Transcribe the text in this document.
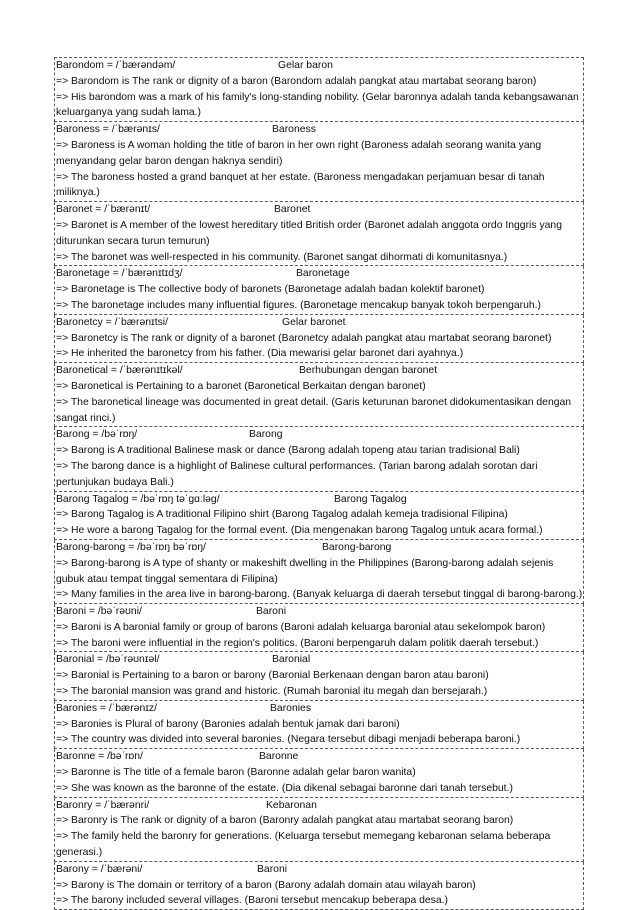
Barondom = /ˈbærəndəm/	Gelar baron
=> Barondom is The rank or dignity of a baron (Barondom adalah pangkat atau martabat seorang baron)
=> His barondom was a mark of his family's long-standing nobility. (Gelar baronnya adalah tanda kebangsawanan keluarganya yang sudah lama.)
Baroness = /ˈbærənɪs/	Baroness
=> Baroness is A woman holding the title of baron in her own right (Baroness adalah seorang wanita yang menyandang gelar baron dengan haknya sendiri)
=> The baroness hosted a grand banquet at her estate. (Baroness mengadakan perjamuan besar di tanah miliknya.)
Baronet = /ˈbærənɪt/	Baronet
=> Baronet is A member of the lowest hereditary titled British order (Baronet adalah anggota ordo Inggris yang diturunkan secara turun temurun)
=> The baronet was well-respected in his community. (Baronet sangat dihormati di komunitasnya.)
Baronetage = /ˈbærənɪtɪdʒ/	Baronetage
=> Baronetage is The collective body of baronets (Baronetage adalah badan kolektif baronet)
=> The baronetage includes many influential figures. (Baronetage mencakup banyak tokoh berpengaruh.)
Baronetcy = /ˈbærənɪtsi/	Gelar baronet
=> Baronetcy is The rank or dignity of a baronet (Baronetcy adalah pangkat atau martabat seorang baronet)
=> He inherited the baronetcy from his father. (Dia mewarisi gelar baronet dari ayahnya.)
Baronetical = /ˈbærənɪtɪkəl/	Berhubungan dengan baronet
=> Baronetical is Pertaining to a baronet (Baronetical Berkaitan dengan baronet)
=> The baronetical lineage was documented in great detail. (Garis keturunan baronet didokumentasikan dengan sangat rinci.)
Barong = /bəˈrɒŋ/	Barong
=> Barong is A traditional Balinese mask or dance (Barong adalah topeng atau tarian tradisional Bali)
=> The barong dance is a highlight of Balinese cultural performances. (Tarian barong adalah sorotan dari pertunjukan budaya Bali.)
Barong Tagalog = /bəˈrɒŋ təˈɡɑːləɡ/	Barong Tagalog
=> Barong Tagalog is A traditional Filipino shirt (Barong Tagalog adalah kemeja tradisional Filipina)
=> He wore a barong Tagalog for the formal event. (Dia mengenakan barong Tagalog untuk acara formal.)
Barong-barong = /bəˈrɒŋ bəˈrɒŋ/	Barong-barong
=> Barong-barong is A type of shanty or makeshift dwelling in the Philippines (Barong-barong adalah sejenis gubuk atau tempat tinggal sementara di Filipina)
=> Many families in the area live in barong-barong. (Banyak keluarga di daerah tersebut tinggal di barong-barong.)
Baroni = /bəˈrəʊni/	Baroni
=> Baroni is A baronial family or group of barons (Baroni adalah keluarga baronial atau sekelompok baron)
=> The baroni were influential in the region's politics. (Baroni berpengaruh dalam politik daerah tersebut.)
Baronial = /bəˈrəʊnɪəl/	Baronial
=> Baronial is Pertaining to a baron or barony (Baronial Berkenaan dengan baron atau baroni)
=> The baronial mansion was grand and historic. (Rumah baronial itu megah dan bersejarah.)
Baronies = /ˈbærənɪz/	Baronies
=> Baronies is Plural of barony (Baronies adalah bentuk jamak dari baroni)
=> The country was divided into several baronies. (Negara tersebut dibagi menjadi beberapa baroni.)
Baronne = /bəˈrɒn/	Baronne
=> Baronne is The title of a female baron (Baronne adalah gelar baron wanita)
=> She was known as the baronne of the estate. (Dia dikenal sebagai baronne dari tanah tersebut.)
Baronry = /ˈbærənri/	Kebaronan
=> Baronry is The rank or dignity of a baron (Baronry adalah pangkat atau martabat seorang baron)
=> The family held the baronry for generations. (Keluarga tersebut memegang kebaronan selama beberapa generasi.)
Barony = /ˈbærəni/	Baroni
=> Barony is The domain or territory of a baron (Barony adalah domain atau wilayah baron)
=> The barony included several villages. (Baroni tersebut mencakup beberapa desa.)
